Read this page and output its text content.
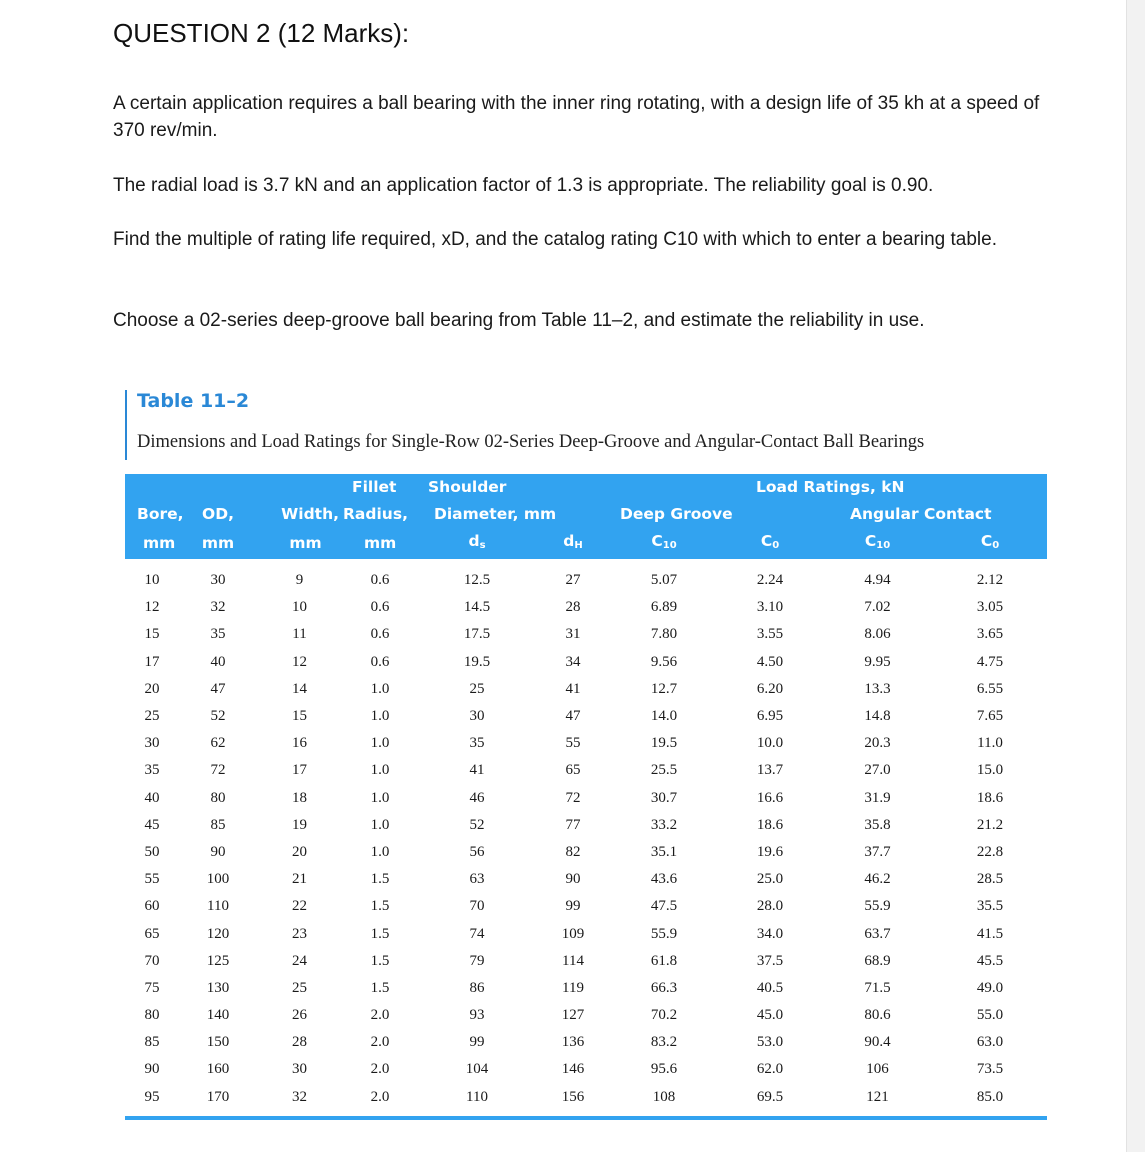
QUESTION 2 (12 Marks):
A certain application requires a ball bearing with the inner ring rotating, with a design life of 35 kh at a speed of 370 rev/min.
The radial load is 3.7 kN and an application factor of 1.3 is appropriate. The reliability goal is 0.90.
Find the multiple of rating life required, xD, and the catalog rating C10 with which to enter a bearing table.
Choose a 02-series deep-groove ball bearing from Table 11–2, and estimate the reliability in use.
Table 11–2
Dimensions and Load Ratings for Single-Row 02-Series Deep-Groove and Angular-Contact Ball Bearings
			Fillet	Shoulder		Load Ratings, kN			
Bore,	OD,	Width,	Radius,	Diameter, mm		Deep Groove		Angular Contact	
mm	mm	mm	mm	$d_s$	$d_H$	$C_{10}$	$C_0$	$C_{10}$	$C_0$
10	30	9	0.6	12.5	27	5.07	2.24	4.94	2.12
12	32	10	0.6	14.5	28	6.89	3.10	7.02	3.05
15	35	11	0.6	17.5	31	7.80	3.55	8.06	3.65
17	40	12	0.6	19.5	34	9.56	4.50	9.95	4.75
20	47	14	1.0	25	41	12.7	6.20	13.3	6.55
25	52	15	1.0	30	47	14.0	6.95	14.8	7.65
30	62	16	1.0	35	55	19.5	10.0	20.3	11.0
35	72	17	1.0	41	65	25.5	13.7	27.0	15.0
40	80	18	1.0	46	72	30.7	16.6	31.9	18.6
45	85	19	1.0	52	77	33.2	18.6	35.8	21.2
50	90	20	1.0	56	82	35.1	19.6	37.7	22.8
55	100	21	1.5	63	90	43.6	25.0	46.2	28.5
60	110	22	1.5	70	99	47.5	28.0	55.9	35.5
65	120	23	1.5	74	109	55.9	34.0	63.7	41.5
70	125	24	1.5	79	114	61.8	37.5	68.9	45.5
75	130	25	1.5	86	119	66.3	40.5	71.5	49.0
80	140	26	2.0	93	127	70.2	45.0	80.6	55.0
85	150	28	2.0	99	136	83.2	53.0	90.4	63.0
90	160	30	2.0	104	146	95.6	62.0	106	73.5
95	170	32	2.0	110	156	108	69.5	121	85.0
